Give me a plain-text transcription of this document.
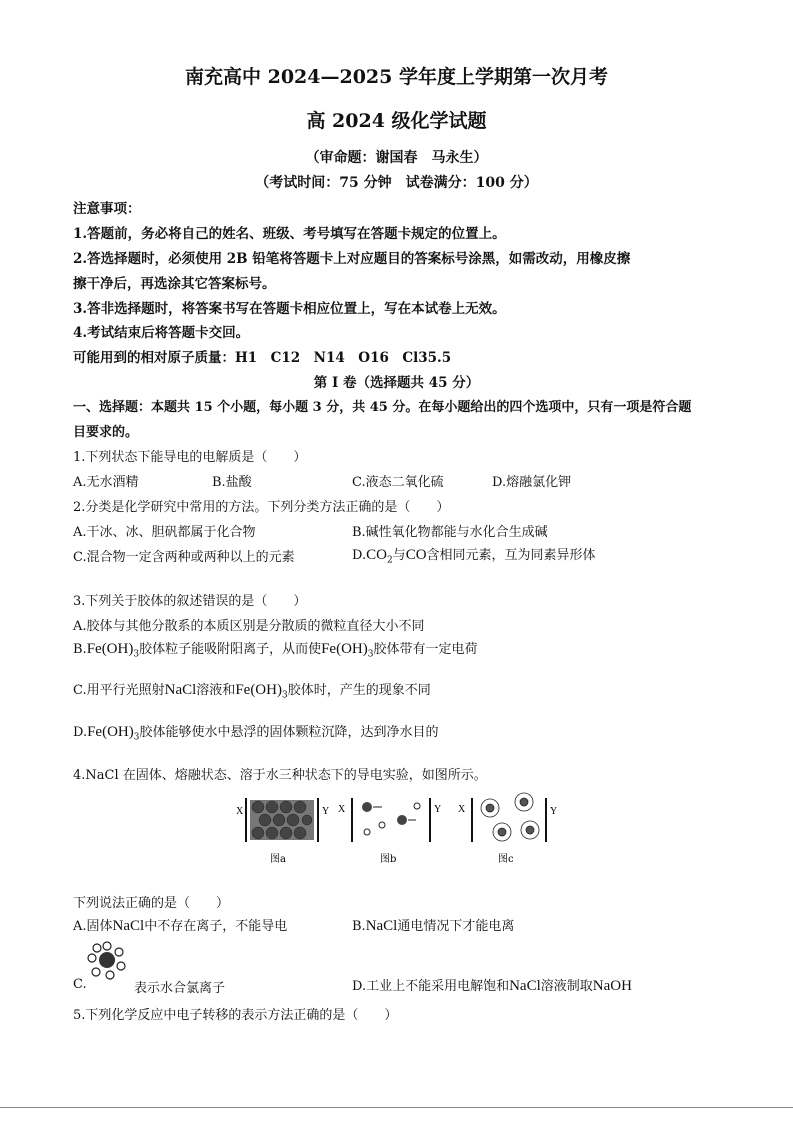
南充高中 2024—2025 学年度上学期第一次月考
高 2024 级化学试题
（审命题：谢国春　马永生）
（考试时间：75 分钟　试卷满分：100 分）
注意事项：
1.答题前，务必将自己的姓名、班级、考号填写在答题卡规定的位置上。
2.答选择题时，必须使用 2B 铅笔将答题卡上对应题目的答案标号涂黑，如需改动，用橡皮擦
擦干净后，再选涂其它答案标号。
3.答非选择题时，将答案书写在答题卡相应位置上，写在本试卷上无效。
4.考试结束后将答题卡交回。
可能用到的相对原子质量：H1　C12　N14　O16　Cl35.5
第 I 卷（选择题共 45 分）
一、选择题：本题共 15 个小题，每小题 3 分，共 45 分。在每小题给出的四个选项中，只有一项是符合题
目要求的。
1.下列状态下能导电的电解质是（　　）
A.无水酒精	B.盐酸	C.液态二氧化硫	D.熔融氯化钾
2.分类是化学研究中常用的方法。下列分类方法正确的是（　　）
A.干冰、冰、胆矾都属于化合物	B.碱性氧化物都能与水化合生成碱
C.混合物一定含两种或两种以上的元素	$D.CO_2$与CO含相同元素，互为同素异形体
3.下列关于胶体的叙述错误的是（　　）
A.胶体与其他分散系的本质区别是分散质的微粒直径大小不同
$B.Fe(OH)_3$胶体粒子能吸附阳离子，从而使$Fe(OH)_3$胶体带有一定电荷
C.用平行光照射NaCl溶液和$Fe(OH)_3$胶体时，产生的现象不同
$D.Fe(OH)_3$胶体能够使水中悬浮的固体颗粒沉降，达到净水目的
4.NaCl 在固体、熔融状态、溶于水三种状态下的导电实验，如图所示。
X	Y
图a
X	Y
图b
X	Y
图c
下列说法正确的是（　　）
A.固体NaCl中不存在离子，不能导电	B.NaCl通电情况下才能电离
C.	表示水合氯离子	D.工业上不能采用电解饱和NaCl溶液制取NaOH
5.下列化学反应中电子转移的表示方法正确的是（　　）
